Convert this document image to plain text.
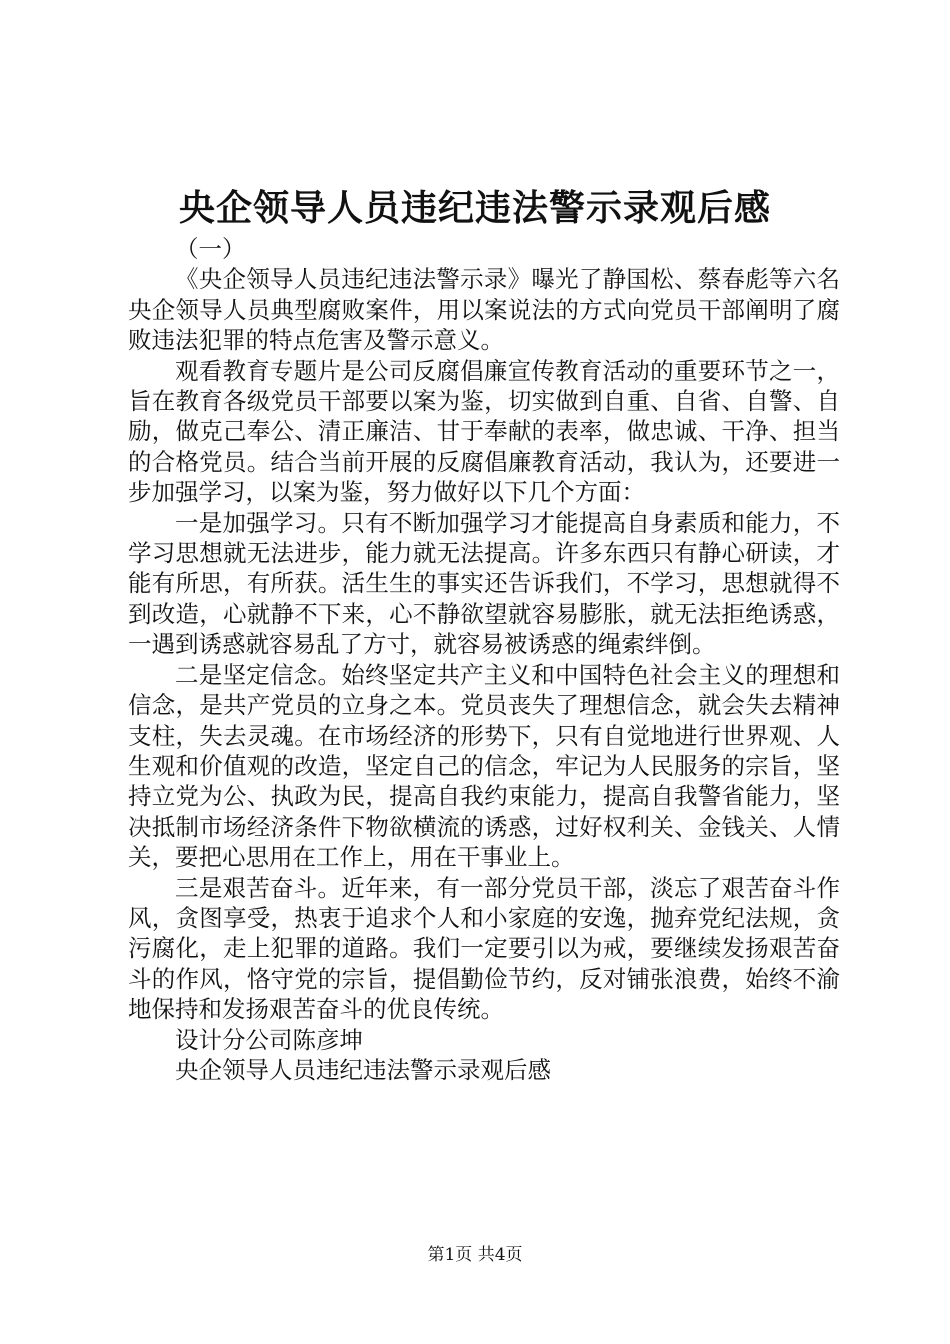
央企领导人员违纪违法警示录观后感

（一）

《央企领导人员违纪违法警示录》曝光了静国松、蔡春彪等六名央企领导人员典型腐败案件，用以案说法的方式向党员干部阐明了腐败违法犯罪的特点危害及警示意义。

观看教育专题片是公司反腐倡廉宣传教育活动的重要环节之一，旨在教育各级党员干部要以案为鉴，切实做到自重、自省、自警、自励，做克己奉公、清正廉洁、甘于奉献的表率，做忠诚、干净、担当的合格党员。结合当前开展的反腐倡廉教育活动，我认为，还要进一步加强学习，以案为鉴，努力做好以下几个方面：

一是加强学习。只有不断加强学习才能提高自身素质和能力，不学习思想就无法进步，能力就无法提高。许多东西只有静心研读，才能有所思，有所获。活生生的事实还告诉我们，不学习，思想就得不到改造，心就静不下来，心不静欲望就容易膨胀，就无法拒绝诱惑，一遇到诱惑就容易乱了方寸，就容易被诱惑的绳索绊倒。

二是坚定信念。始终坚定共产主义和中国特色社会主义的理想和信念，是共产党员的立身之本。党员丧失了理想信念，就会失去精神支柱，失去灵魂。在市场经济的形势下，只有自觉地进行世界观、人生观和价值观的改造，坚定自己的信念，牢记为人民服务的宗旨，坚持立党为公、执政为民，提高自我约束能力，提高自我警省能力，坚决抵制市场经济条件下物欲横流的诱惑，过好权利关、金钱关、人情关，要把心思用在工作上，用在干事业上。

三是艰苦奋斗。近年来，有一部分党员干部，淡忘了艰苦奋斗作风，贪图享受，热衷于追求个人和小家庭的安逸，抛弃党纪法规，贪污腐化，走上犯罪的道路。我们一定要引以为戒，要继续发扬艰苦奋斗的作风，恪守党的宗旨，提倡勤俭节约，反对铺张浪费，始终不渝地保持和发扬艰苦奋斗的优良传统。

设计分公司陈彦坤

央企领导人员违纪违法警示录观后感

第1页 共4页
